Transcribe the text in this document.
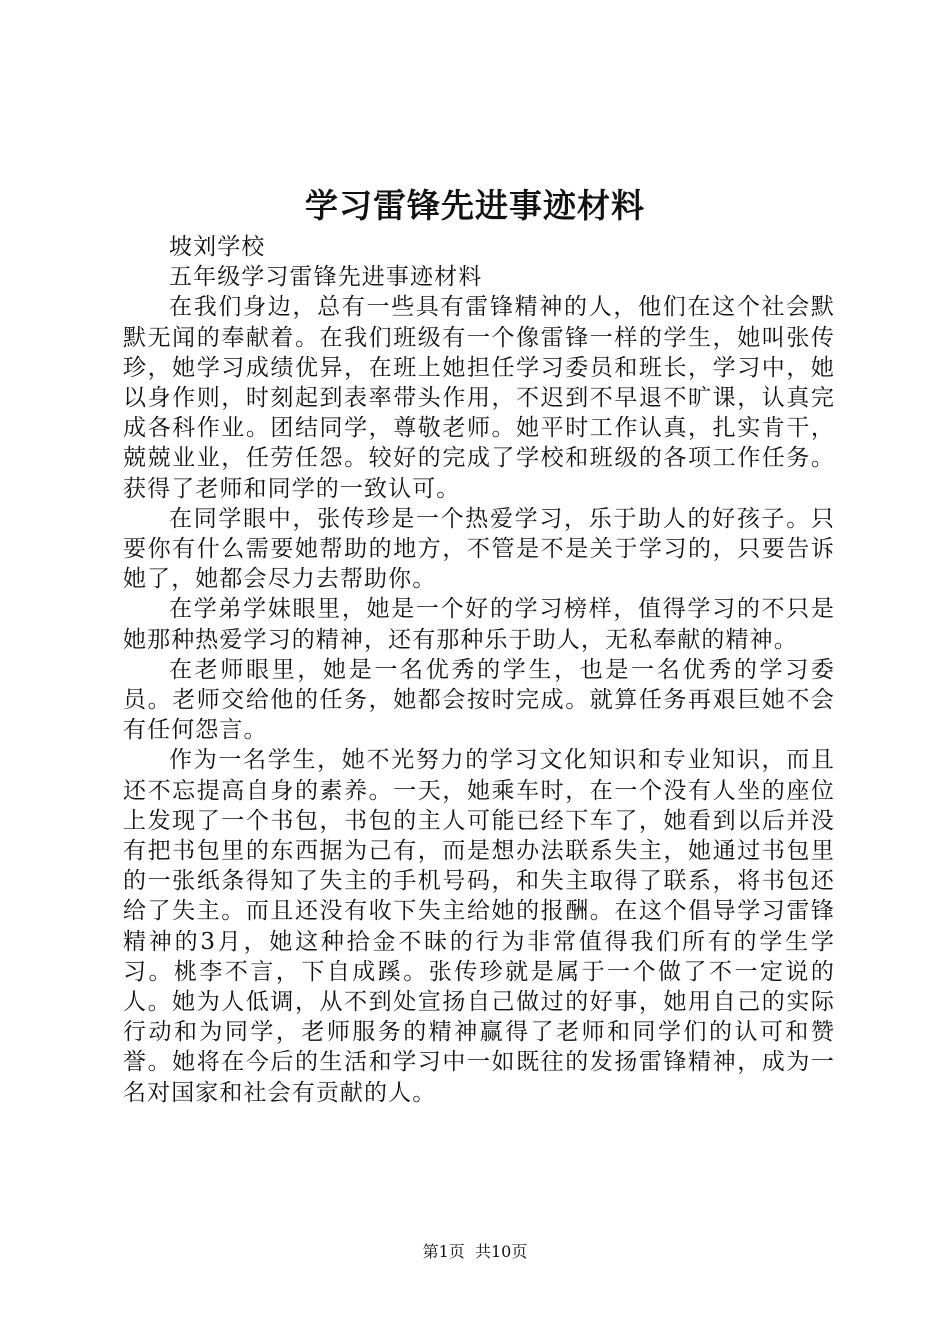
学习雷锋先进事迹材料

坡刘学校

五年级学习雷锋先进事迹材料

在我们身边，总有一些具有雷锋精神的人，他们在这个社会默默无闻的奉献着。在我们班级有一个像雷锋一样的学生，她叫张传珍，她学习成绩优异，在班上她担任学习委员和班长，学习中，她以身作则，时刻起到表率带头作用，不迟到不早退不旷课，认真完成各科作业。团结同学，尊敬老师。她平时工作认真，扎实肯干，兢兢业业，任劳任怨。较好的完成了学校和班级的各项工作任务。获得了老师和同学的一致认可。

在同学眼中，张传珍是一个热爱学习，乐于助人的好孩子。只要你有什么需要她帮助的地方，不管是不是关于学习的，只要告诉她了，她都会尽力去帮助你。

在学弟学妹眼里，她是一个好的学习榜样，值得学习的不只是她那种热爱学习的精神，还有那种乐于助人，无私奉献的精神。

在老师眼里，她是一名优秀的学生，也是一名优秀的学习委员。老师交给他的任务，她都会按时完成。就算任务再艰巨她不会有任何怨言。

作为一名学生，她不光努力的学习文化知识和专业知识，而且还不忘提高自身的素养。一天，她乘车时，在一个没有人坐的座位上发现了一个书包，书包的主人可能已经下车了，她看到以后并没有把书包里的东西据为己有，而是想办法联系失主，她通过书包里的一张纸条得知了失主的手机号码，和失主取得了联系，将书包还给了失主。而且还没有收下失主给她的报酬。在这个倡导学习雷锋精神的3月，她这种拾金不昧的行为非常值得我们所有的学生学习。桃李不言，下自成蹊。张传珍就是属于一个做了不一定说的人。她为人低调，从不到处宣扬自己做过的好事，她用自己的实际行动和为同学，老师服务的精神赢得了老师和同学们的认可和赞誉。她将在今后的生活和学习中一如既往的发扬雷锋精神，成为一名对国家和社会有贡献的人。

第1页 共10页
